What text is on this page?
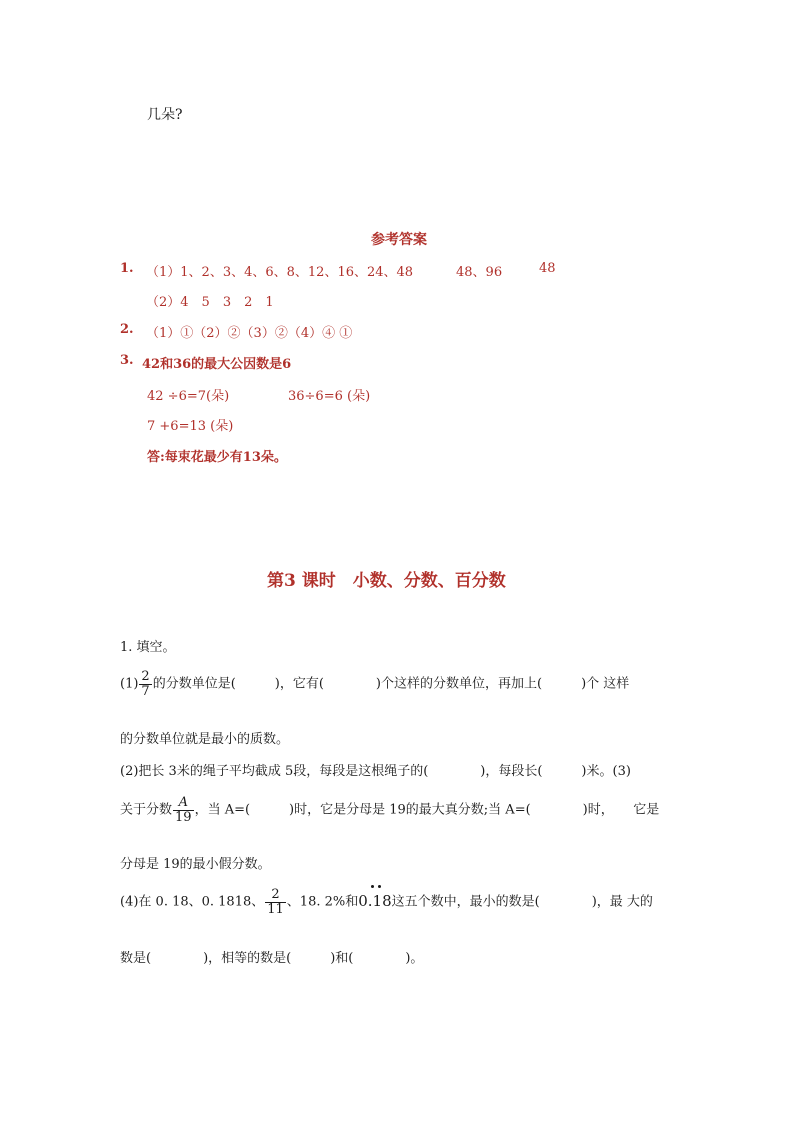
几朵?
参考答案
1. （1）1、2、3、4、6、8、12、16、24、48	48、96	48
（2）4　5　3　2　1
2. （1）①（2）②（3）②（4）④ ①
3. 42和36的最大公因数是6
42 ÷6=7(朵)	36÷6=6 (朵)
7 +6=13 (朵)
答:每束花最少有13朵。
第3 课时　小数、分数、百分数
1. 填空。
$(1) \frac{2}{7}$ 的分数单位是(　　　)，它有(　　　　)个这样的分数单位，再加上(　　　)个 这样
的分数单位就是最小的质数。
(2)把长 3米的绳子平均截成 5段，每段是这根绳子的(　　　　)，每段长(　　　)米。(3)
关于分数 $\frac{A}{19}$ ，当 A=(　　　)时，它是分母是 19的最大真分数;当 A=(　　　　)时，　　它是
分母是 19的最小假分数。
(4)在 0. 18、0. 1818、 $\frac{2}{11}$ 、18. 2%和
0.18这五个数中，最小的数是(　　　　)，最 大的
数是(　　　　)，相等的数是(　　　)和(　　　　)。
